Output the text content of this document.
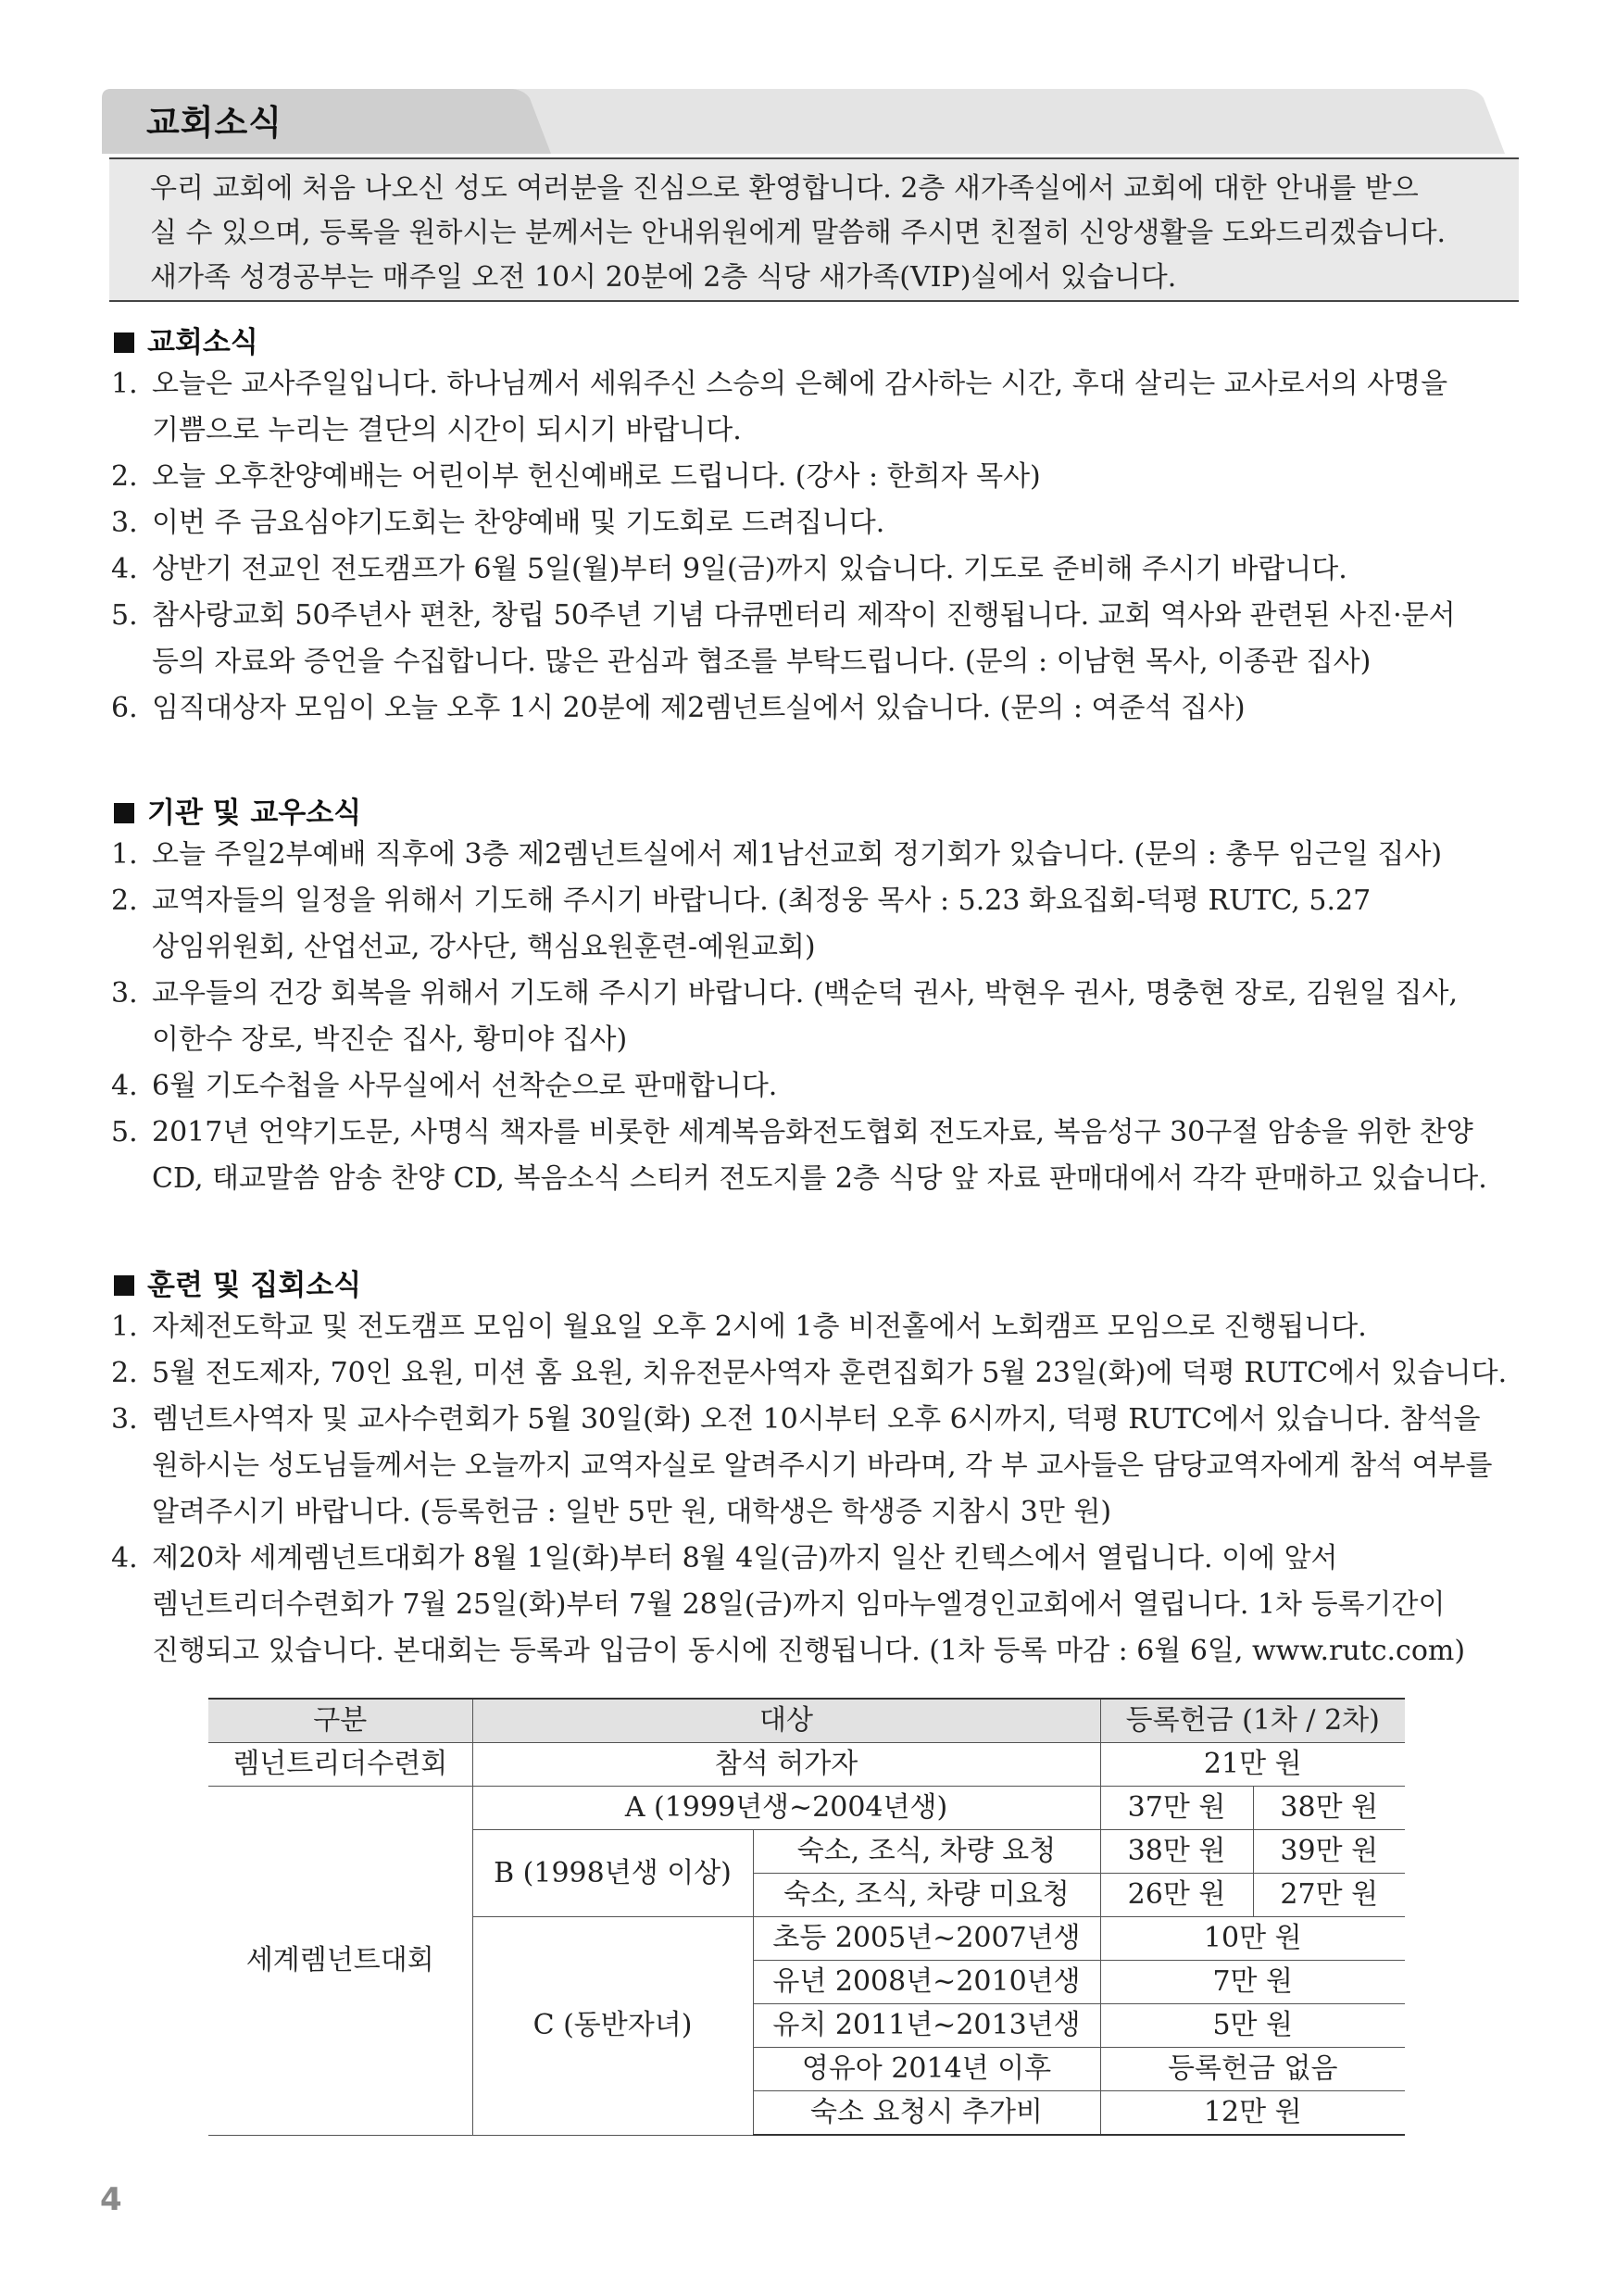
교회소식
우리 교회에 처음 나오신 성도 여러분을 진심으로 환영합니다. 2층 새가족실에서 교회에 대한 안내를 받으
실 수 있으며, 등록을 원하시는 분께서는 안내위원에게 말씀해 주시면 친절히 신앙생활을 도와드리겠습니다.
새가족 성경공부는 매주일 오전 10시 20분에 2층 식당 새가족(VIP)실에서 있습니다.
교회소식
1. 오늘은 교사주일입니다. 하나님께서 세워주신 스승의 은혜에 감사하는 시간, 후대 살리는 교사로서의 사명을
기쁨으로 누리는 결단의 시간이 되시기 바랍니다.
2. 오늘 오후찬양예배는 어린이부 헌신예배로 드립니다. (강사 : 한희자 목사)
3. 이번 주 금요심야기도회는 찬양예배 및 기도회로 드려집니다.
4. 상반기 전교인 전도캠프가 6월 5일(월)부터 9일(금)까지 있습니다. 기도로 준비해 주시기 바랍니다.
5. 참사랑교회 50주년사 편찬, 창립 50주년 기념 다큐멘터리 제작이 진행됩니다. 교회 역사와 관련된 사진·문서
등의 자료와 증언을 수집합니다. 많은 관심과 협조를 부탁드립니다. (문의 : 이남현 목사, 이종관 집사)
6. 임직대상자 모임이 오늘 오후 1시 20분에 제2렘넌트실에서 있습니다. (문의 : 여준석 집사)
기관 및 교우소식
1. 오늘 주일2부예배 직후에 3층 제2렘넌트실에서 제1남선교회 정기회가 있습니다. (문의 : 총무 임근일 집사)
2. 교역자들의 일정을 위해서 기도해 주시기 바랍니다. (최정웅 목사 : 5.23 화요집회-덕평 RUTC, 5.27
상임위원회, 산업선교, 강사단, 핵심요원훈련-예원교회)
3. 교우들의 건강 회복을 위해서 기도해 주시기 바랍니다. (백순덕 권사, 박현우 권사, 명충현 장로, 김원일 집사,
이한수 장로, 박진순 집사, 황미야 집사)
4. 6월 기도수첩을 사무실에서 선착순으로 판매합니다.
5. 2017년 언약기도문, 사명식 책자를 비롯한 세계복음화전도협회 전도자료, 복음성구 30구절 암송을 위한 찬양
CD, 태교말씀 암송 찬양 CD, 복음소식 스티커 전도지를 2층 식당 앞 자료 판매대에서 각각 판매하고 있습니다.
훈련 및 집회소식
1. 자체전도학교 및 전도캠프 모임이 월요일 오후 2시에 1층 비전홀에서 노회캠프 모임으로 진행됩니다.
2. 5월 전도제자, 70인 요원, 미션 홈 요원, 치유전문사역자 훈련집회가 5월 23일(화)에 덕평 RUTC에서 있습니다.
3. 렘넌트사역자 및 교사수련회가 5월 30일(화) 오전 10시부터 오후 6시까지, 덕평 RUTC에서 있습니다. 참석을
원하시는 성도님들께서는 오늘까지 교역자실로 알려주시기 바라며, 각 부 교사들은 담당교역자에게 참석 여부를
알려주시기 바랍니다. (등록헌금 : 일반 5만 원, 대학생은 학생증 지참시 3만 원)
4. 제20차 세계렘넌트대회가 8월 1일(화)부터 8월 4일(금)까지 일산 킨텍스에서 열립니다. 이에 앞서
렘넌트리더수련회가 7월 25일(화)부터 7월 28일(금)까지 임마누엘경인교회에서 열립니다. 1차 등록기간이
진행되고 있습니다. 본대회는 등록과 입금이 동시에 진행됩니다. (1차 등록 마감 : 6월 6일, www.rutc.com)
구분	대상		등록헌금 (1차 / 2차)	
렘넌트리더수련회	참석 허가자		21만 원	
세계렘넌트대회	A (1999년생~2004년생)		37만 원	38만 원
	B (1998년생 이상)	숙소, 조식, 차량 요청	38만 원	39만 원
		숙소, 조식, 차량 미요청	26만 원	27만 원
	C (동반자녀)	초등 2005년~2007년생	10만 원	
		유년 2008년~2010년생	7만 원	
		유치 2011년~2013년생	5만 원	
		영유아 2014년 이후	등록헌금 없음	
		숙소 요청시 추가비	12만 원	
4
